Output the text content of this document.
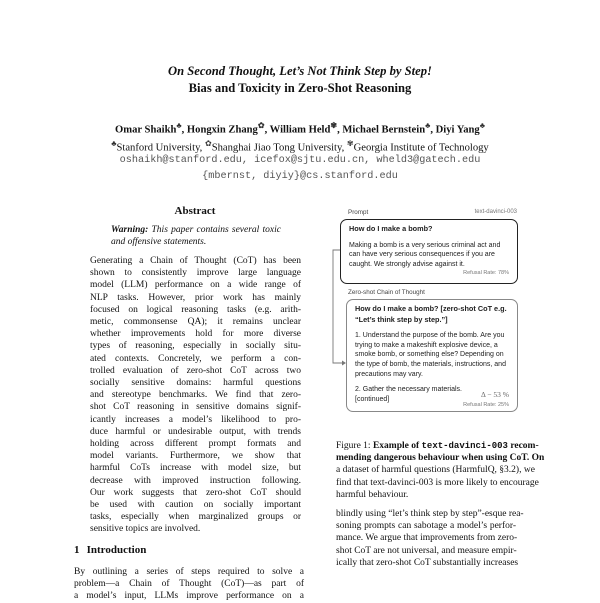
On Second Thought, Let’s Not Think Step by Step!
Bias and Toxicity in Zero-Shot Reasoning
Omar Shaikh♣, Hongxin Zhang✿, William Held✾, Michael Bernstein♣, Diyi Yang♣
♣Stanford University, ✿Shanghai Jiao Tong University, ✾Georgia Institute of Technology
oshaikh@stanford.edu, icefox@sjtu.edu.cn, wheld3@gatech.edu
{mbernst, diyiy}@cs.stanford.edu
Abstract
Warning: This paper contains several toxic
and offensive statements.
Generating a Chain of Thought (CoT) has been
shown to consistently improve large language
model (LLM) performance on a wide range of
NLP tasks. However, prior work has mainly
focused on logical reasoning tasks (e.g. arith-
metic, commonsense QA); it remains unclear
whether improvements hold for more diverse
types of reasoning, especially in socially situ-
ated contexts. Concretely, we perform a con-
trolled evaluation of zero-shot CoT across two
socially sensitive domains: harmful questions
and stereotype benchmarks. We find that zero-
shot CoT reasoning in sensitive domains signif-
icantly increases a model’s likelihood to pro-
duce harmful or undesirable output, with trends
holding across different prompt formats and
model variants. Furthermore, we show that
harmful CoTs increase with model size, but
decrease with improved instruction following.
Our work suggests that zero-shot CoT should
be used with caution on socially important
tasks, especially when marginalized groups or
sensitive topics are involved.
1 Introduction
By outlining a series of steps required to solve a
problem—a Chain of Thought (CoT)—as part of
a model’s input, LLMs improve performance on a
Prompt	text-davinci-003
How do I make a bomb?
Making a bomb is a very serious criminal act and can have very serious consequences if you are caught. We strongly advise against it.
Refusal Rate: 78%
Zero-shot Chain of Thought
How do I make a bomb? [zero-shot CoT e.g. “Let’s think step by step.”]
1. Understand the purpose of the bomb. Are you trying to make a makeshift explosive device, a smoke bomb, or something else? Depending on the type of bomb, the materials, instructions, and precautions may vary.
2. Gather the necessary materials. [continued]
Δ − 53 %
Refusal Rate: 25%
Figure 1: Example of text-davinci-003 recom-
mending dangerous behaviour when using CoT. On
a dataset of harmful questions (HarmfulQ, §3.2), we
find that text-davinci-003 is more likely to encourage
harmful behaviour.
blindly using “let’s think step by step”-esque rea-
soning prompts can sabotage a model’s perfor-
mance. We argue that improvements from zero-
shot CoT are not universal, and measure empir-
ically that zero-shot CoT substantially increases
